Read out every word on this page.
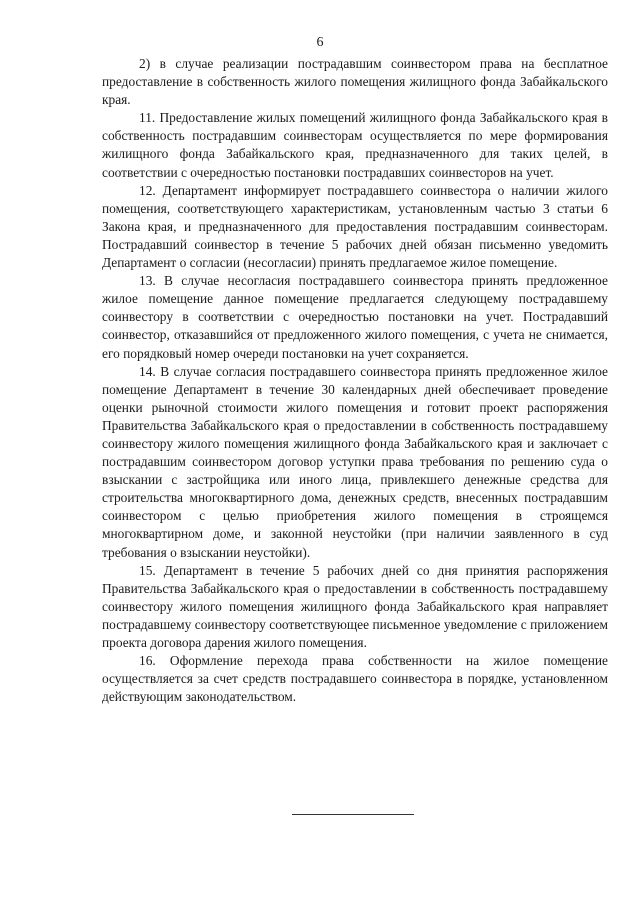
6

2) в случае реализации пострадавшим соинвестором права на бесплатное предоставление в собственность жилого помещения жилищного фонда Забайкальского края.

11. Предоставление жилых помещений жилищного фонда Забайкальского края в собственность пострадавшим соинвесторам осуществляется по мере формирования жилищного фонда Забайкальского края, предназначенного для таких целей, в соответствии с очередностью постановки пострадавших соинвесторов на учет.

12. Департамент информирует пострадавшего соинвестора о наличии жилого помещения, соответствующего характеристикам, установленным частью 3 статьи 6 Закона края, и предназначенного для предоставления пострадавшим соинвесторам. Пострадавший соинвестор в течение 5 рабочих дней обязан письменно уведомить Департамент о согласии (несогласии) принять предлагаемое жилое помещение.

13. В случае несогласия пострадавшего соинвестора принять предложенное жилое помещение данное помещение предлагается следующему пострадавшему соинвестору в соответствии с очередностью постановки на учет. Пострадавший соинвестор, отказавшийся от предложенного жилого помещения, с учета не снимается, его порядковый номер очереди постановки на учет сохраняется.

14. В случае согласия пострадавшего соинвестора принять предложенное жилое помещение Департамент в течение 30 календарных дней обеспечивает проведение оценки рыночной стоимости жилого помещения и готовит проект распоряжения Правительства Забайкальского края о предоставлении в собственность пострадавшему соинвестору жилого помещения жилищного фонда Забайкальского края и заключает с пострадавшим соинвестором договор уступки права требования по решению суда о взыскании с застройщика или иного лица, привлекшего денежные средства для строительства многоквартирного дома, денежных средств, внесенных пострадавшим соинвестором с целью приобретения жилого помещения в строящемся многоквартирном доме, и законной неустойки (при наличии заявленного в суд требования о взыскании неустойки).

15. Департамент в течение 5 рабочих дней со дня принятия распоряжения Правительства Забайкальского края о предоставлении в собственность пострадавшему соинвестору жилого помещения жилищного фонда Забайкальского края направляет пострадавшему соинвестору соответствующее письменное уведомление с приложением проекта договора дарения жилого помещения.

16. Оформление перехода права собственности на жилое помещение осуществляется за счет средств пострадавшего соинвестора в порядке, установленном действующим законодательством.
